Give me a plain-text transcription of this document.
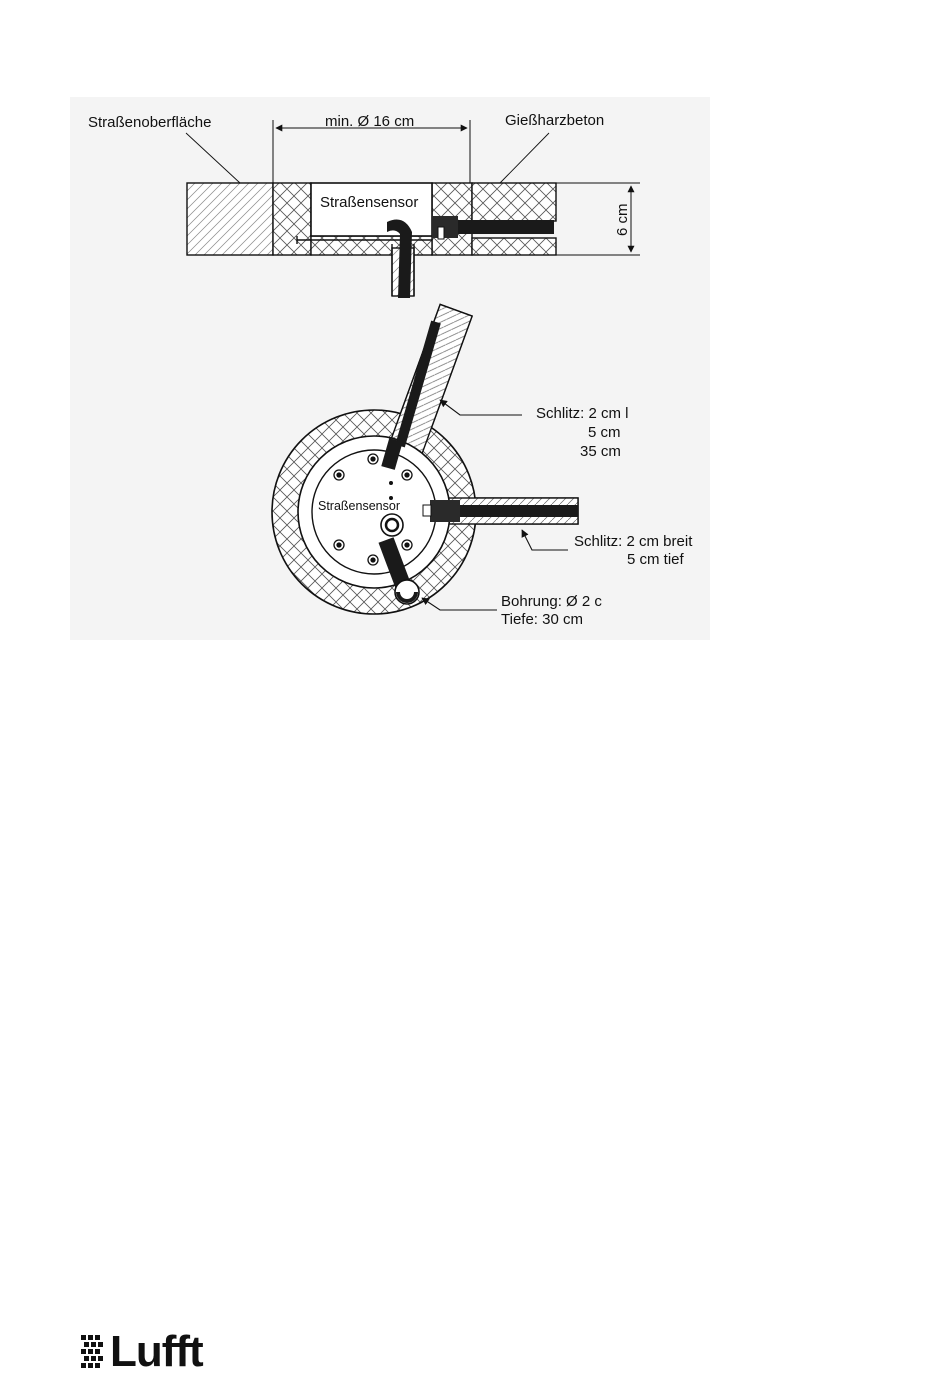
Straßenoberfläche	min. Ø 16 cm	Gießharzbeton
Straßensensor
6 cm
Straßensensor
Schlitz: 2 cm l
5 cm
35 cm
Schlitz: 2 cm breit
5 cm tief
Bohrung: Ø 2 c
Tiefe: 30 cm
Lufft
